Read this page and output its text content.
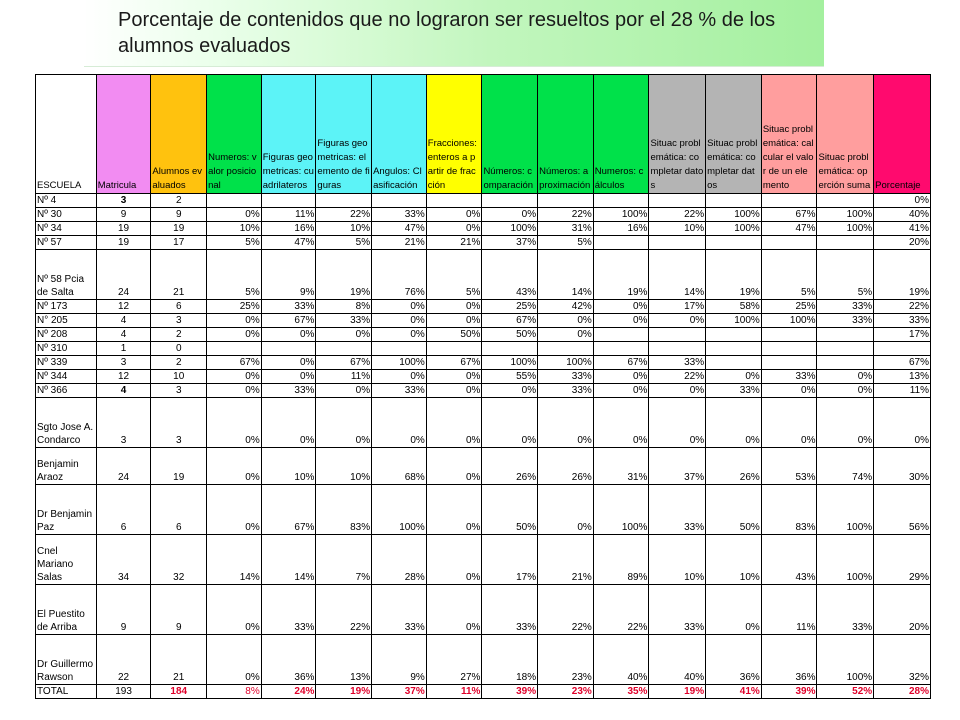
Porcentaje de contenidos que no lograron ser resueltos por el 28 % de los alumnos evaluados
ESCUELA	Matricula	Alumnos evaluados	Numeros: valor posicional	Figuras geometricas: cuadrilateros	Figuras geometricas: elemento de figuras	Angulos: Clasificación	Fracciones: enteros a partir de fracción	Números: comparación	Números: aproximación	Numeros: cálculos	Situac problemática: completar datos	Situac problemática: completar datos	Situac problemática: calcular el valor de un elemento	Situac problemática: operción suma	Porcentaje
Nº 4	3	2													0%
Nº 30	9	9	0%	11%	22%	33%	0%	0%	22%	100%	22%	100%	67%	100%	40%
Nº 34	19	19	10%	16%	10%	47%	0%	100%	31%	16%	10%	100%	47%	100%	41%
Nº 57	19	17	5%	47%	5%	21%	21%	37%	5%						20%
Nº 58 Pcia de Salta	24	21	5%	9%	19%	76%	5%	43%	14%	19%	14%	19%	5%	5%	19%
Nº 173	12	6	25%	33%	8%	0%	0%	25%	42%	0%	17%	58%	25%	33%	22%
N° 205	4	3	0%	67%	33%	0%	0%	67%	0%	0%	0%	100%	100%	33%	33%
Nº 208	4	2	0%	0%	0%	0%	50%	50%	0%						17%
Nº 310	1	0													
Nº 339	3	2	67%	0%	67%	100%	67%	100%	100%	67%	33%				67%
Nº 344	12	10	0%	0%	11%	0%	0%	55%	33%	0%	22%	0%	33%	0%	13%
Nº 366	4	3	0%	33%	0%	33%	0%	0%	33%	0%	0%	33%	0%	0%	11%
Sgto Jose A. Condarco	3	3	0%	0%	0%	0%	0%	0%	0%	0%	0%	0%	0%	0%	0%
Benjamin Araoz	24	19	0%	10%	10%	68%	0%	26%	26%	31%	37%	26%	53%	74%	30%
Dr Benjamin Paz	6	6	0%	67%	83%	100%	0%	50%	0%	100%	33%	50%	83%	100%	56%
Cnel Mariano Salas	34	32	14%	14%	7%	28%	0%	17%	21%	89%	10%	10%	43%	100%	29%
El Puestito de Arriba	9	9	0%	33%	22%	33%	0%	33%	22%	22%	33%	0%	11%	33%	20%
Dr Guillermo Rawson	22	21	0%	36%	13%	9%	27%	18%	23%	40%	40%	36%	36%	100%	32%
TOTAL	193	184	8%	24%	19%	37%	11%	39%	23%	35%	19%	41%	39%	52%	28%
